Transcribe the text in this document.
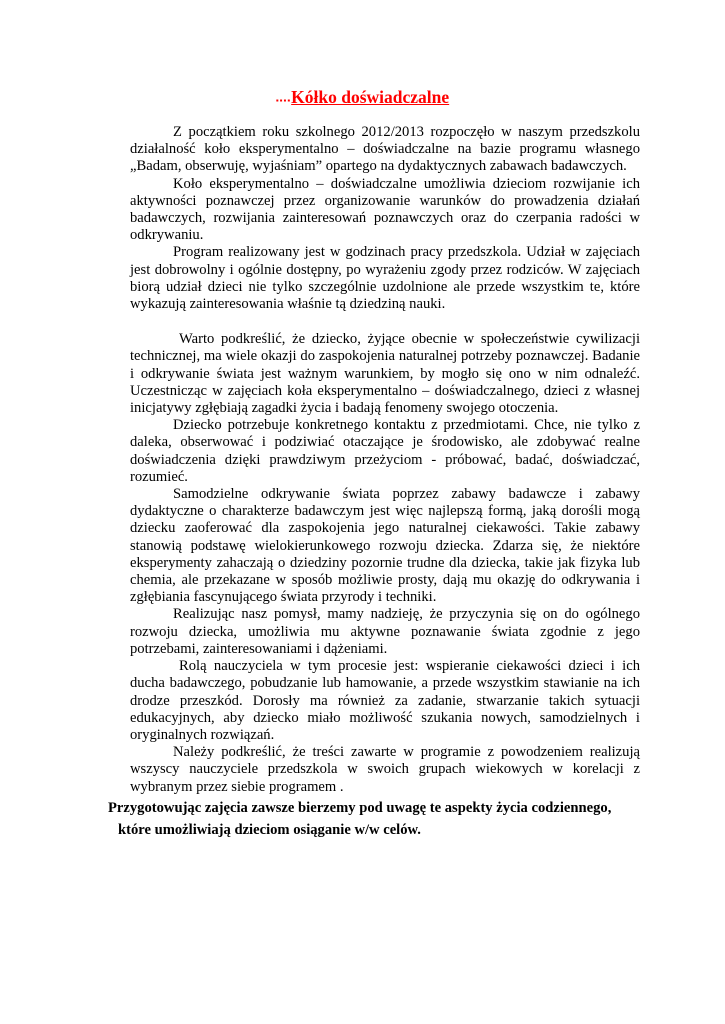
▪▪▪▪Kółko doświadczalne

Z początkiem roku szkolnego 2012/2013 rozpoczęło w naszym przedszkolu działalność koło eksperymentalno – doświadczalne na bazie programu własnego „Badam, obserwuję, wyjaśniam” opartego na dydaktycznych zabawach badawczych.

Koło eksperymentalno – doświadczalne umożliwia dzieciom rozwijanie ich aktywności poznawczej przez organizowanie warunków do prowadzenia działań badawczych, rozwijania zainteresowań poznawczych oraz do czerpania radości w odkrywaniu.

Program realizowany jest w godzinach pracy przedszkola. Udział w zajęciach jest dobrowolny i ogólnie dostępny, po wyrażeniu zgody przez rodziców. W zajęciach biorą udział dzieci nie tylko szczególnie uzdolnione ale przede wszystkim te, które wykazują zainteresowania właśnie tą dziedziną nauki.

Warto podkreślić, że dziecko, żyjące obecnie w społeczeństwie cywilizacji technicznej, ma wiele okazji do zaspokojenia naturalnej potrzeby poznawczej. Badanie i odkrywanie świata jest ważnym warunkiem, by mogło się ono w nim odnaleźć. Uczestnicząc w zajęciach koła eksperymentalno – doświadczalnego, dzieci z własnej inicjatywy zgłębiają zagadki życia i badają fenomeny swojego otoczenia.

Dziecko potrzebuje konkretnego kontaktu z przedmiotami. Chce, nie tylko z daleka, obserwować i podziwiać otaczające je środowisko, ale zdobywać realne doświadczenia dzięki prawdziwym przeżyciom - próbować, badać, doświadczać, rozumieć.

Samodzielne odkrywanie świata poprzez zabawy badawcze i zabawy dydaktyczne o charakterze badawczym jest więc najlepszą formą, jaką dorośli mogą dziecku zaoferować dla zaspokojenia jego naturalnej ciekawości. Takie zabawy stanowią podstawę wielokierunkowego rozwoju dziecka. Zdarza się, że niektóre eksperymenty zahaczają o dziedziny pozornie trudne dla dziecka, takie jak fizyka lub chemia, ale przekazane w sposób możliwie prosty, dają mu okazję do odkrywania i zgłębiania fascynującego świata przyrody i techniki.

Realizując nasz pomysł, mamy nadzieję, że przyczynia się on do ogólnego rozwoju dziecka, umożliwia mu aktywne poznawanie świata zgodnie z jego potrzebami, zainteresowaniami i dążeniami.

Rolą nauczyciela w tym procesie jest: wspieranie ciekawości dzieci i ich ducha badawczego, pobudzanie lub hamowanie, a przede wszystkim stawianie na ich drodze przeszkód. Dorosły ma również za zadanie, stwarzanie takich sytuacji edukacyjnych, aby dziecko miało możliwość szukania nowych, samodzielnych i oryginalnych rozwiązań.

Należy podkreślić, że treści zawarte w programie z powodzeniem realizują wszyscy nauczyciele przedszkola w swoich grupach wiekowych w korelacji z wybranym przez siebie programem .

Przygotowując zajęcia zawsze bierzemy pod uwagę te aspekty życia codziennego,
które umożliwiają dzieciom osiąganie w/w celów.
